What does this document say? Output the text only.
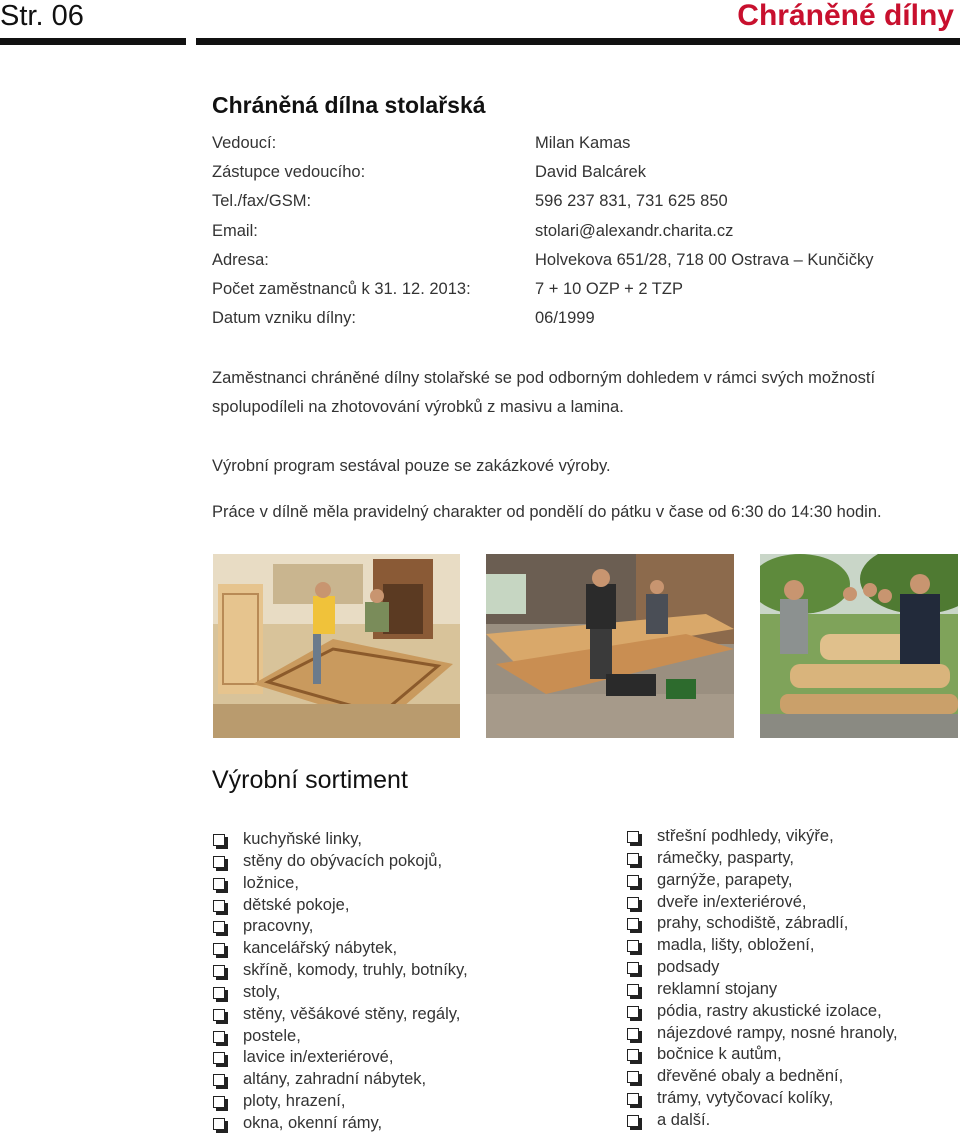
Str. 06	Chráněné dílny
Chráněná dílna stolařská
Vedoucí:	Milan Kamas
Zástupce vedoucího:	David Balcárek
Tel./fax/GSM:	596 237 831, 731 625 850
Email:	stolari@alexandr.charita.cz
Adresa:	Holvekova 651/28, 718 00 Ostrava – Kunčičky
Počet zaměstnanců k 31. 12. 2013:	7 + 10 OZP + 2 TZP
Datum vzniku dílny:	06/1999
Zaměstnanci chráněné dílny stolařské se pod odborným dohledem v rámci svých možností spolupodíleli na zhotovování výrobků z masivu a lamina.
Výrobní program sestával pouze se zakázkové výroby.
Práce v dílně měla pravidelný charakter od pondělí do pátku v čase od 6:30 do 14:30 hodin.
Výrobní sortiment
kuchyňské linky,
stěny do obývacích pokojů,
ložnice,
dětské pokoje,
pracovny,
kancelářský nábytek,
skříně, komody, truhly, botníky,
stoly,
stěny, věšákové stěny, regály,
postele,
lavice in/exteriérové,
altány, zahradní nábytek,
ploty, hrazení,
okna, okenní rámy,
střešní podhledy, vikýře,
rámečky, pasparty,
garnýže, parapety,
dveře in/exteriérové,
prahy, schodiště, zábradlí,
madla, lišty, obložení,
podsady
reklamní stojany
pódia, rastry akustické izolace,
nájezdové rampy, nosné hranoly,
bočnice k autům,
dřevěné obaly a bednění,
trámy, vytyčovací kolíky,
a další.
